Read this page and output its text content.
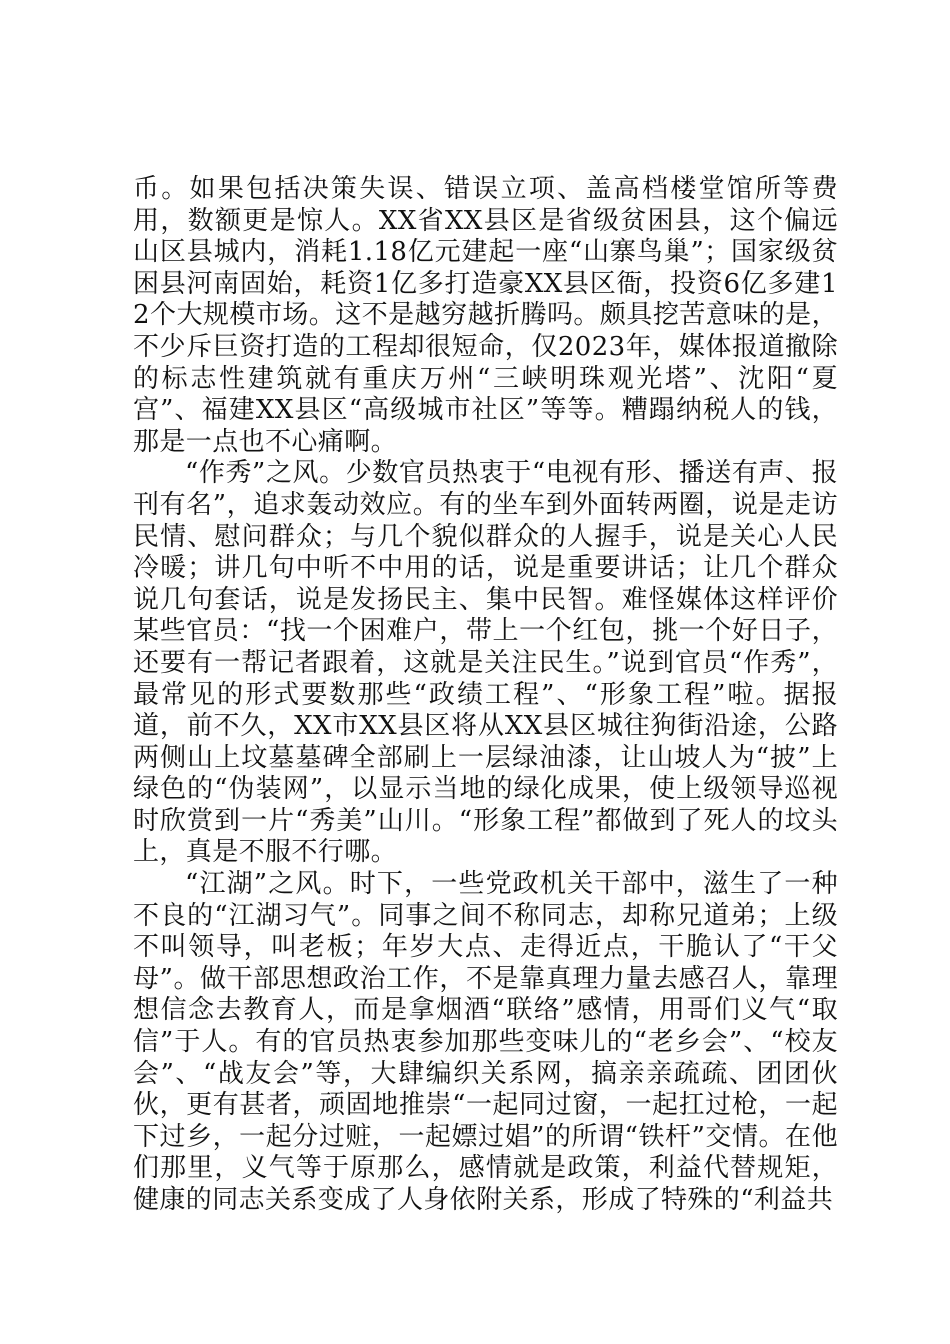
币。如果包括决策失误、错误立项、盖高档楼堂馆所等费用，数额更是惊人。XX省XX县区是省级贫困县，这个偏远山区县城内，消耗1.18亿元建起一座“山寨鸟巢”；国家级贫困县河南固始，耗资1亿多打造豪XX县区衙，投资6亿多建12个大规模市场。这不是越穷越折腾吗。颇具挖苦意味的是，不少斥巨资打造的工程却很短命，仅2023年，媒体报道撤除的标志性建筑就有重庆万州“三峡明珠观光塔”、沈阳“夏宫”、福建XX县区“高级城市社区”等等。糟蹋纳税人的钱，那是一点也不心痛啊。

“作秀”之风。少数官员热衷于“电视有形、播送有声、报刊有名”，追求轰动效应。有的坐车到外面转两圈，说是走访民情、慰问群众；与几个貌似群众的人握手，说是关心人民冷暖；讲几句中听不中用的话，说是重要讲话；让几个群众说几句套话，说是发扬民主、集中民智。难怪媒体这样评价某些官员：“找一个困难户，带上一个红包，挑一个好日子，还要有一帮记者跟着，这就是关注民生。”说到官员“作秀”，最常见的形式要数那些“政绩工程”、“形象工程”啦。据报道，前不久，XX市XX县区将从XX县区城往狗街沿途，公路两侧山上坟墓墓碑全部刷上一层绿油漆，让山坡人为“披”上绿色的“伪装网”，以显示当地的绿化成果，使上级领导巡视时欣赏到一片“秀美”山川。“形象工程”都做到了死人的坟头上，真是不服不行哪。

“江湖”之风。时下，一些党政机关干部中，滋生了一种不良的“江湖习气”。同事之间不称同志，却称兄道弟；上级不叫领导，叫老板；年岁大点、走得近点，干脆认了“干父母”。做干部思想政治工作，不是靠真理力量去感召人，靠理想信念去教育人，而是拿烟酒“联络”感情，用哥们义气“取信”于人。有的官员热衷参加那些变味儿的“老乡会”、“校友会”、“战友会”等，大肆编织关系网，搞亲亲疏疏、团团伙伙，更有甚者，顽固地推崇“一起同过窗，一起扛过枪，一起下过乡，一起分过赃，一起嫖过娼”的所谓“铁杆”交情。在他们那里，义气等于原那么，感情就是政策，利益代替规矩，健康的同志关系变成了人身依附关系，形成了特殊的“利益共
